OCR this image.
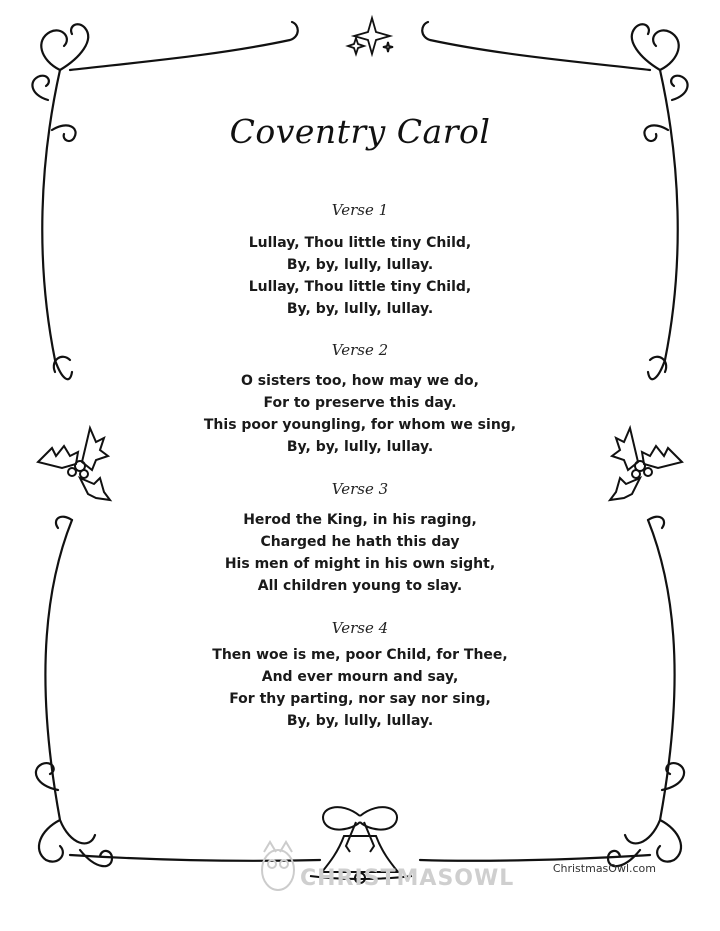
Coventry Carol
Verse 1
Lullay, Thou little tiny Child,
By, by, lully, lullay.
Lullay, Thou little tiny Child,
By, by, lully, lullay.
Verse 2
O sisters too, how may we do,
For to preserve this day.
This poor youngling, for whom we sing,
By, by, lully, lullay.
Verse 3
Herod the King, in his raging,
Charged he hath this day
His men of might in his own sight,
All children young to slay.
Verse 4
Then woe is me, poor Child, for Thee,
And ever mourn and say,
For thy parting, nor say nor sing,
By, by, lully, lullay.
CHRISTMASOWL	ChristmasOwl.com
